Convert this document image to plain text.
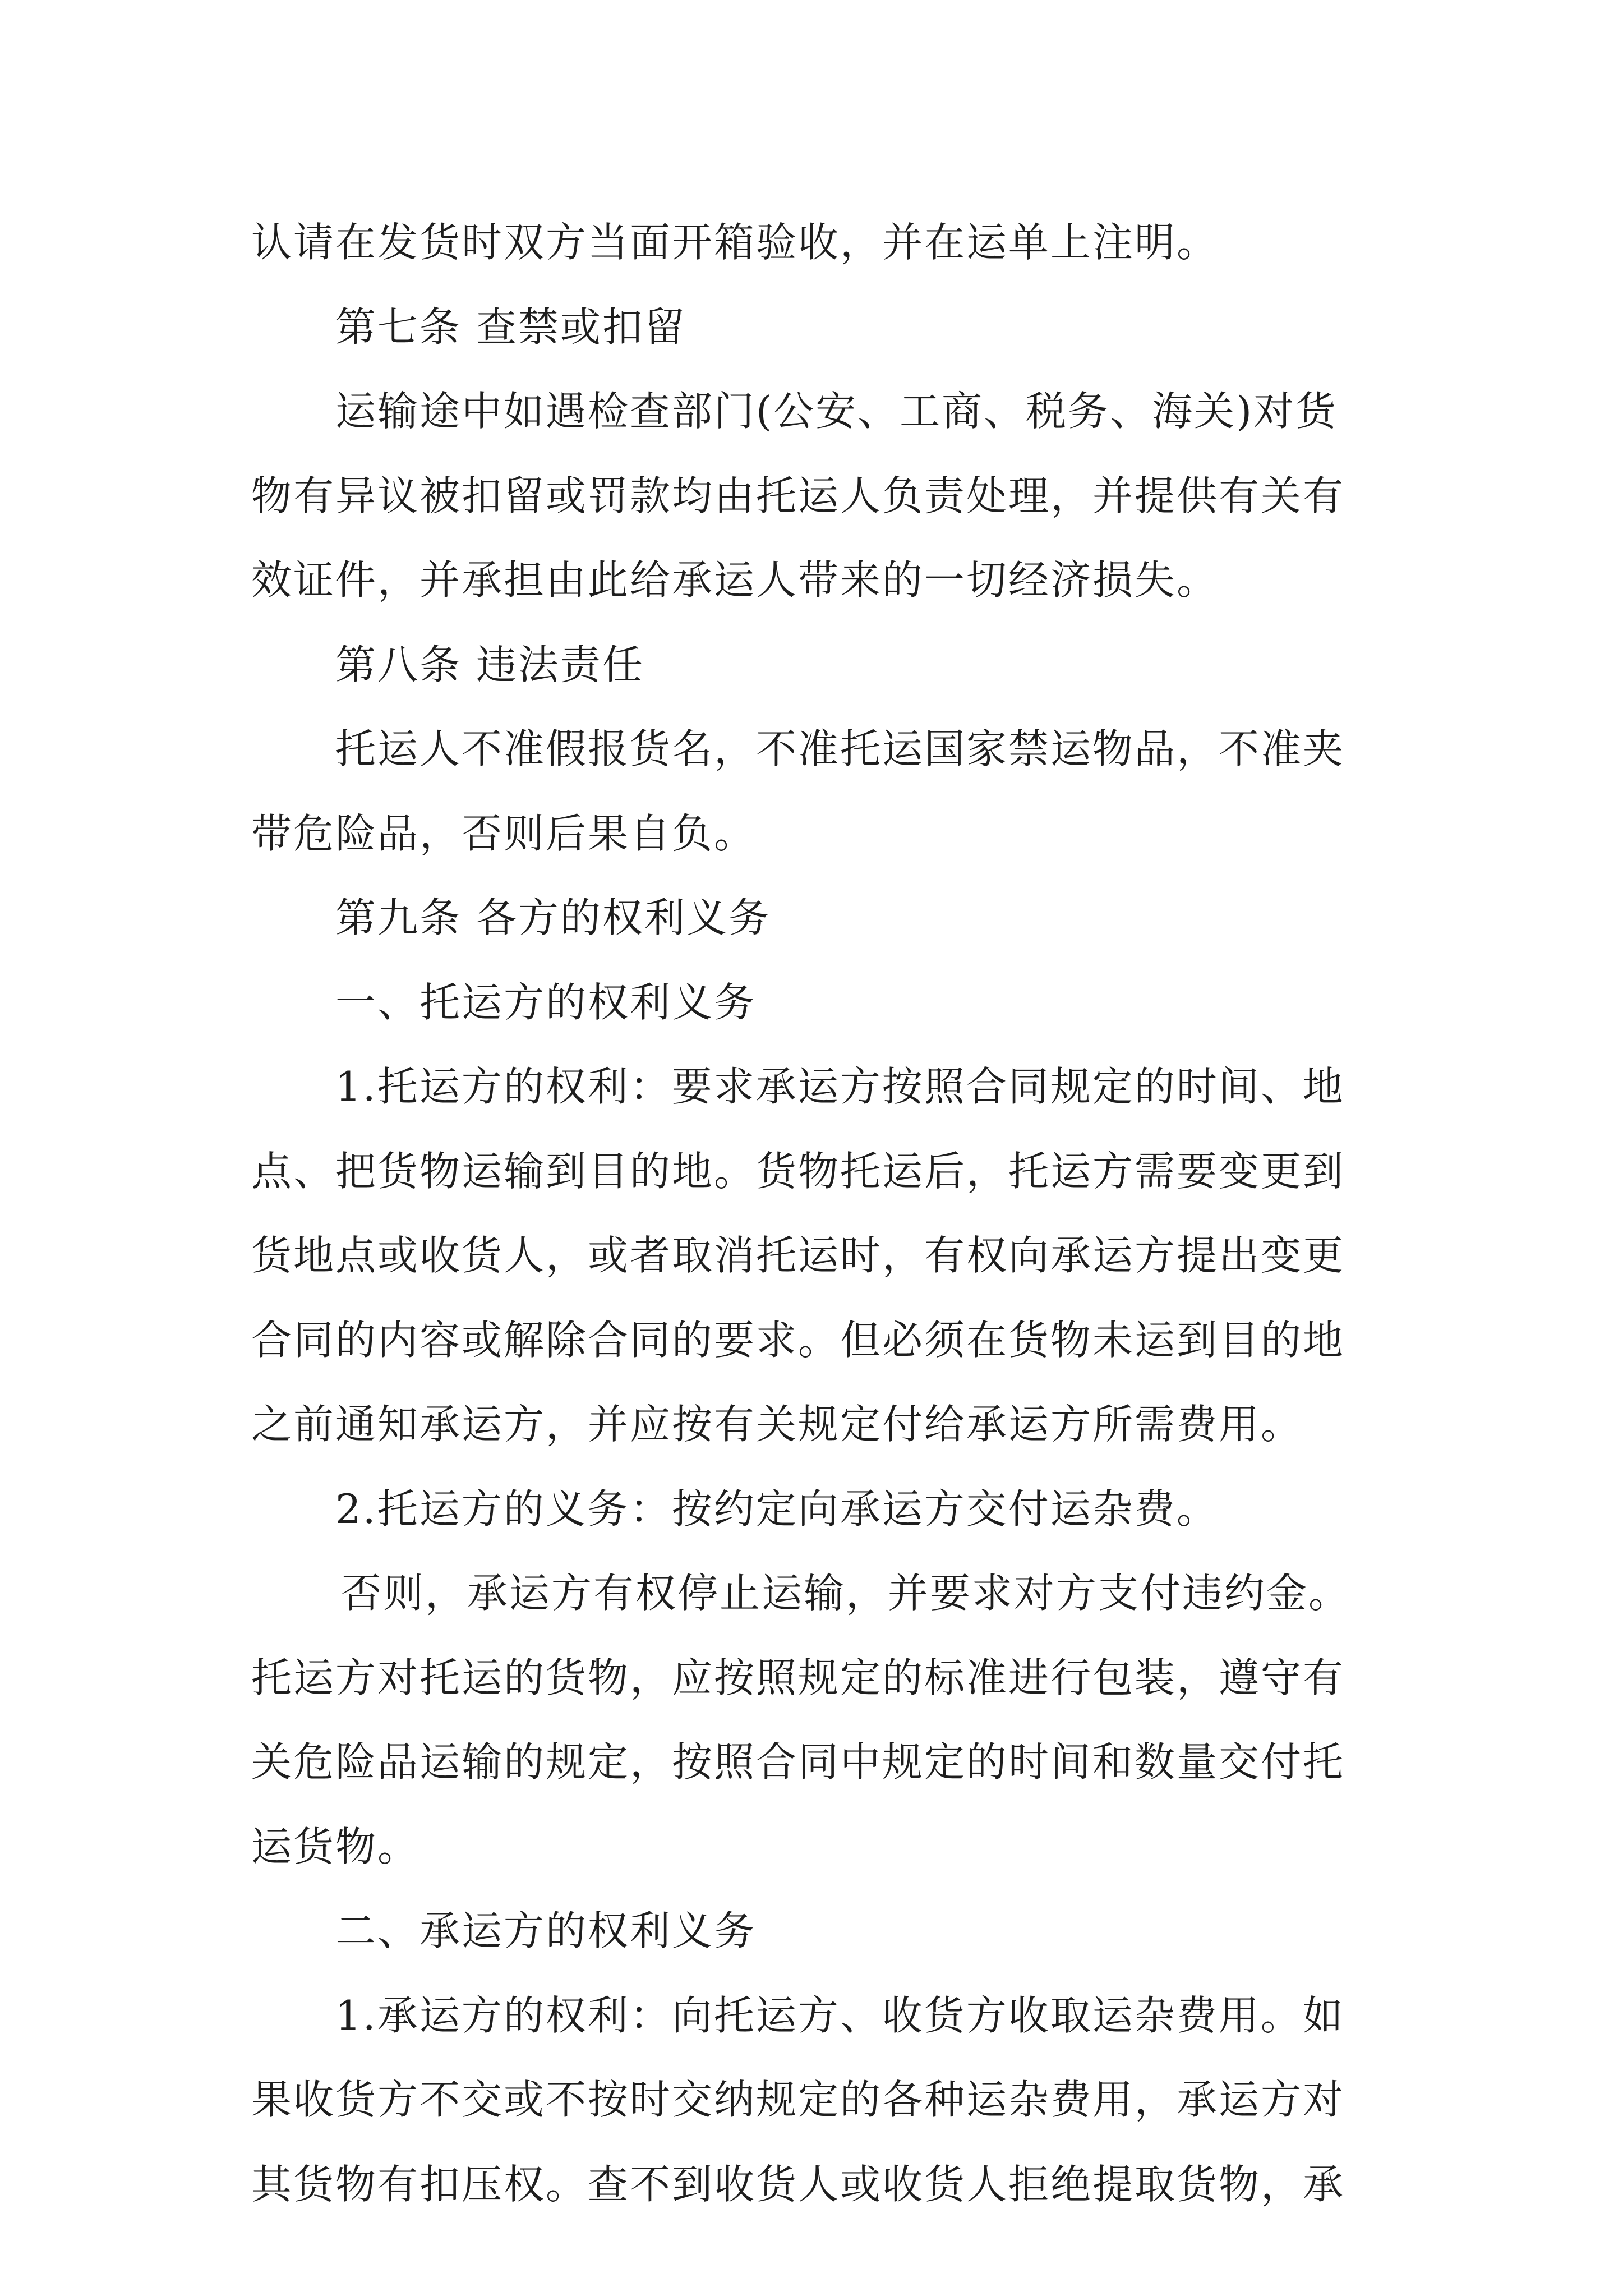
认请在发货时双方当面开箱验收，并在运单上注明。
第七条 查禁或扣留
运输途中如遇检查部门(公安、工商、税务、海关)对货
物有异议被扣留或罚款均由托运人负责处理，并提供有关有
效证件，并承担由此给承运人带来的一切经济损失。
第八条 违法责任
托运人不准假报货名，不准托运国家禁运物品，不准夹
带危险品，否则后果自负。
第九条 各方的权利义务
一、托运方的权利义务
1.托运方的权利：要求承运方按照合同规定的时间、地
点、把货物运输到目的地。货物托运后，托运方需要变更到
货地点或收货人，或者取消托运时，有权向承运方提出变更
合同的内容或解除合同的要求。但必须在货物未运到目的地
之前通知承运方，并应按有关规定付给承运方所需费用。
2.托运方的义务：按约定向承运方交付运杂费。
否则，承运方有权停止运输，并要求对方支付违约金。
托运方对托运的货物，应按照规定的标准进行包装，遵守有
关危险品运输的规定，按照合同中规定的时间和数量交付托
运货物。
二、承运方的权利义务
1.承运方的权利：向托运方、收货方收取运杂费用。如
果收货方不交或不按时交纳规定的各种运杂费用，承运方对
其货物有扣压权。查不到收货人或收货人拒绝提取货物，承
